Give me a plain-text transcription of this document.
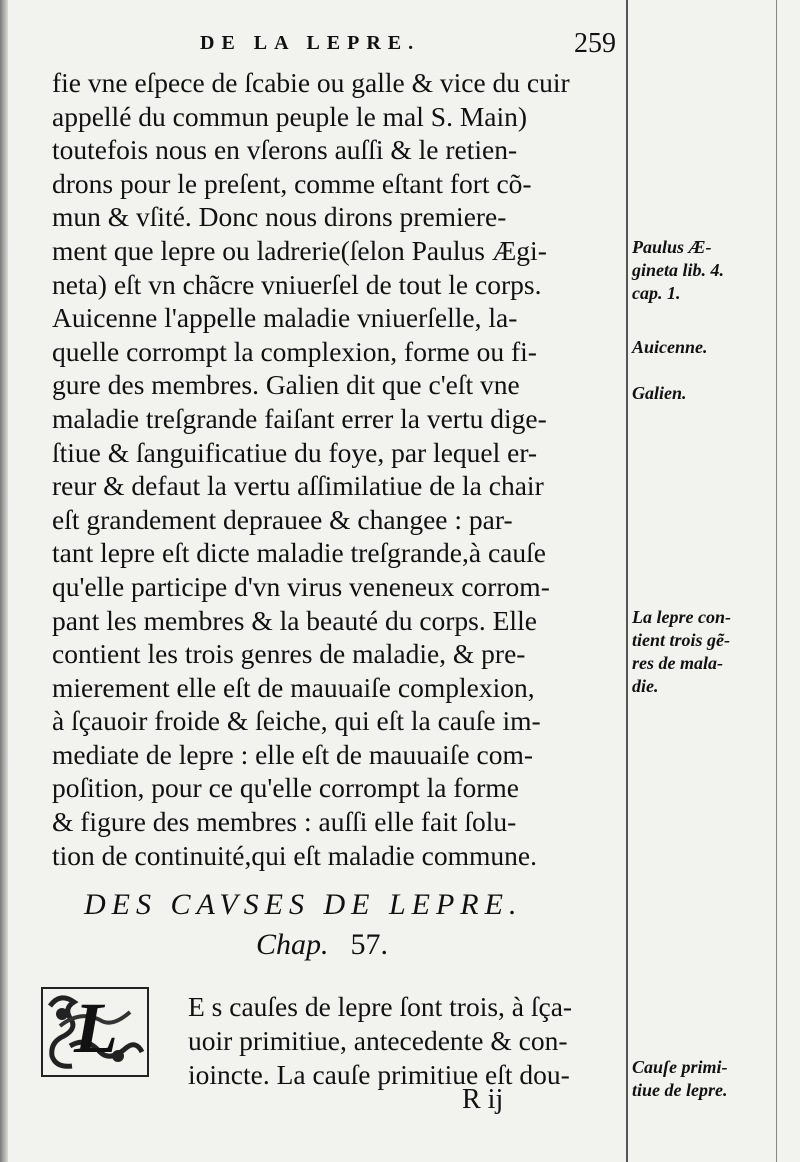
DE LA LEPRE.	259
fie vne eſpece de ſcabie ou galle & vice du cuir
appellé du commun peuple le mal S. Main)
toutefois nous en vſerons auſſi & le retien-
drons pour le preſent, comme eſtant fort cõ-
mun & vſité. Donc nous dirons premiere-
ment que lepre ou ladrerie(ſelon Paulus Ægi-
neta) eſt vn chãcre vniuerſel de tout le corps.
Auicenne l'appelle maladie vniuerſelle, la-
quelle corrompt la complexion, forme ou fi-
gure des membres. Galien dit que c'eſt vne
maladie treſgrande faiſant errer la vertu dige-
ſtiue & ſanguificatiue du foye, par lequel er-
reur & defaut la vertu aſſimilatiue de la chair
eſt grandement deprauee & changee : par-
tant lepre eſt dicte maladie treſgrande,à cauſe
qu'elle participe d'vn virus veneneux corrom-
pant les membres & la beauté du corps. Elle
contient les trois genres de maladie, & pre-
mierement elle eſt de mauuaiſe complexion,
à ſçauoir froide & ſeiche, qui eſt la cauſe im-
mediate de lepre : elle eſt de mauuaiſe com-
poſition, pour ce qu'elle corrompt la forme
& figure des membres : auſſi elle fait ſolu-
tion de continuité,qui eſt maladie commune.
Paulus Æ-
gineta lib. 4.
cap. 1.
Auicenne.
Galien.
La lepre con-
tient trois gẽ-
res de mala-
die.
Cauſe primi-
tiue de lepre.
DES CAVSES DE LEPRE.
Chap. 57.
L	E s cauſes de lepre ſont trois, à ſça-
uoir primitiue, antecedente & con-
ioincte. La cauſe primitiue eſt dou-
R ij
